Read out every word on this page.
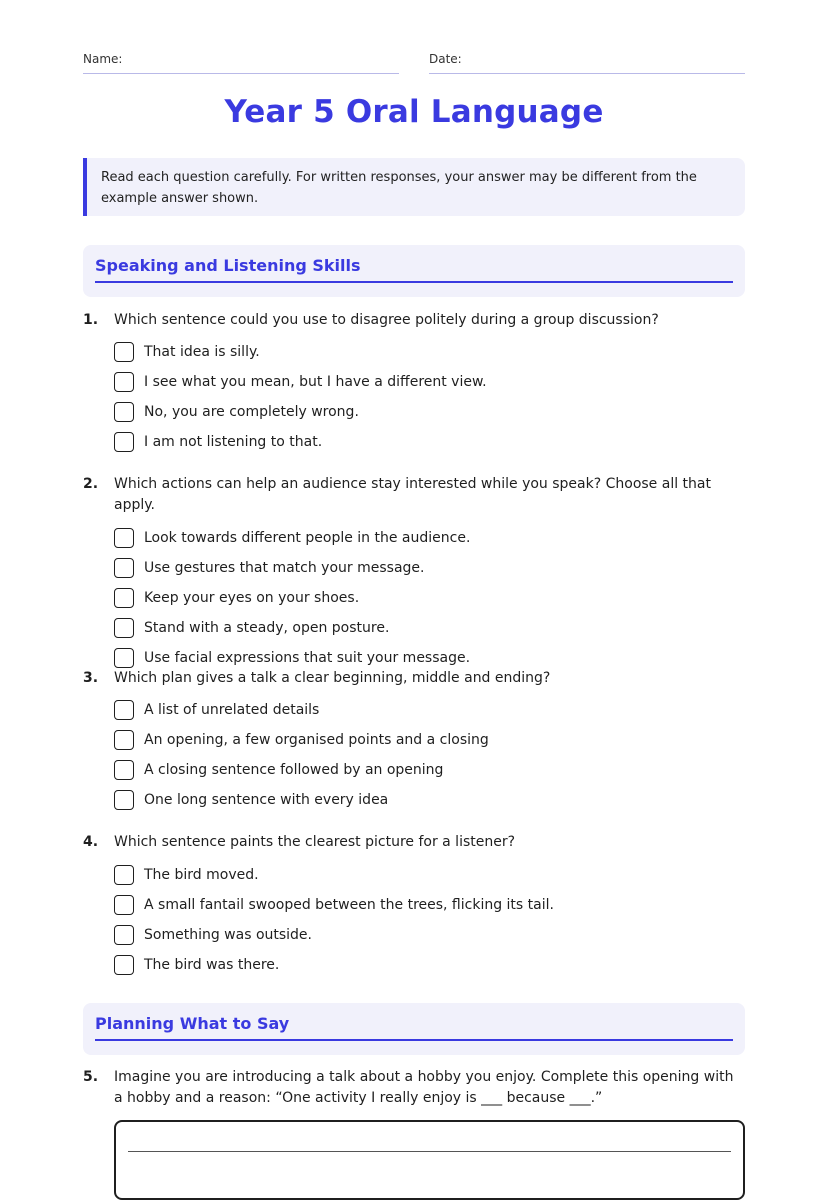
Name:	Date:
Year 5 Oral Language
Read each question carefully. For written responses, your answer may be different from the example answer shown.
Speaking and Listening Skills
1.	Which sentence could you use to disagree politely during a group discussion?
That idea is silly.
I see what you mean, but I have a different view.
No, you are completely wrong.
I am not listening to that.
2.	Which actions can help an audience stay interested while you speak? Choose all that apply.
Look towards different people in the audience.
Use gestures that match your message.
Keep your eyes on your shoes.
Stand with a steady, open posture.
Use facial expressions that suit your message.
3.	Which plan gives a talk a clear beginning, middle and ending?
A list of unrelated details
An opening, a few organised points and a closing
A closing sentence followed by an opening
One long sentence with every idea
4.	Which sentence paints the clearest picture for a listener?
The bird moved.
A small fantail swooped between the trees, flicking its tail.
Something was outside.
The bird was there.
Planning What to Say
5.	Imagine you are introducing a talk about a hobby you enjoy. Complete this opening with a hobby and a reason: “One activity I really enjoy is ___ because ___.”
